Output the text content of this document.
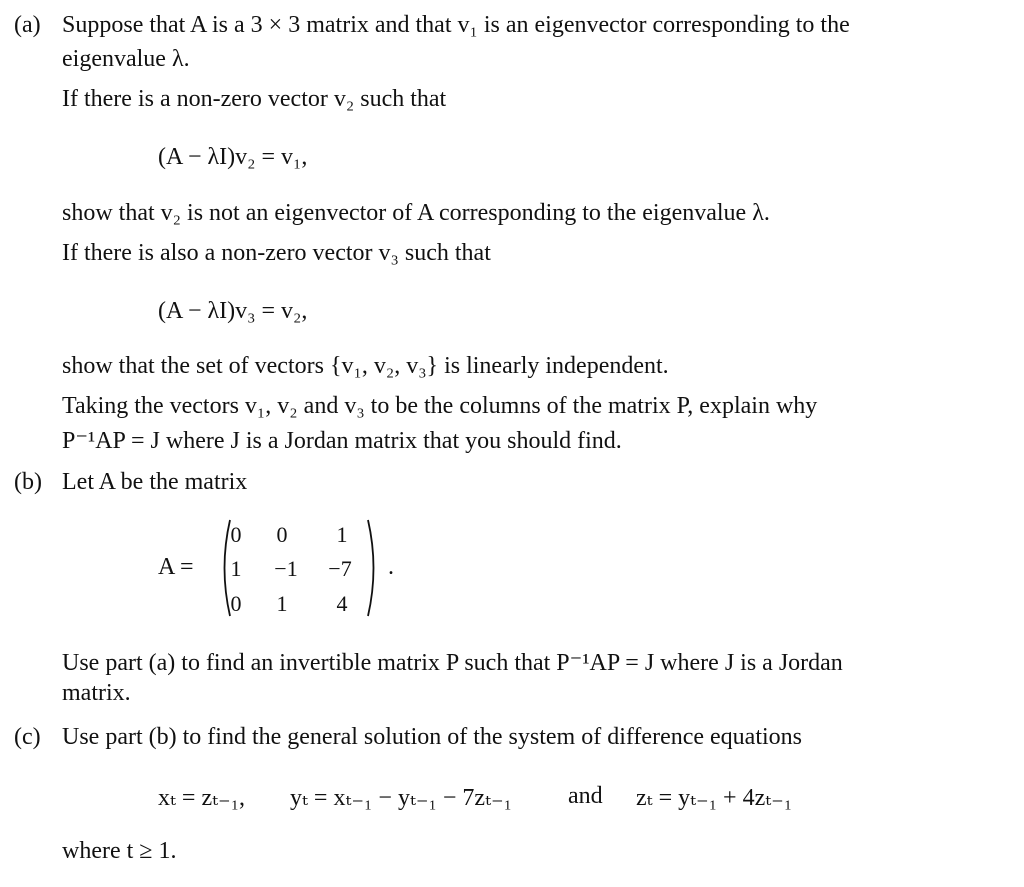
(a) Suppose that A is a 3 × 3 matrix and that v₁ is an eigenvector corresponding to the
eigenvalue λ.
If there is a non-zero vector v₂ such that
(A − λI)v₂ = v₁,
show that v₂ is not an eigenvector of A corresponding to the eigenvalue λ.
If there is also a non-zero vector v₃ such that
(A − λI)v₃ = v₂,
show that the set of vectors {v₁, v₂, v₃} is linearly independent.
Taking the vectors v₁, v₂ and v₃ to be the columns of the matrix P, explain why
P⁻¹AP = J where J is a Jordan matrix that you should find.
(b) Let A be the matrix
A =
0	0	1
1	−1	−7
0	1	4
.
Use part (a) to find an invertible matrix P such that P⁻¹AP = J where J is a Jordan
matrix.
(c) Use part (b) to find the general solution of the system of difference equations
xₜ = zₜ₋₁, yₜ = xₜ₋₁ − yₜ₋₁ − 7zₜ₋₁ and zₜ = yₜ₋₁ + 4zₜ₋₁
where t ≥ 1.
